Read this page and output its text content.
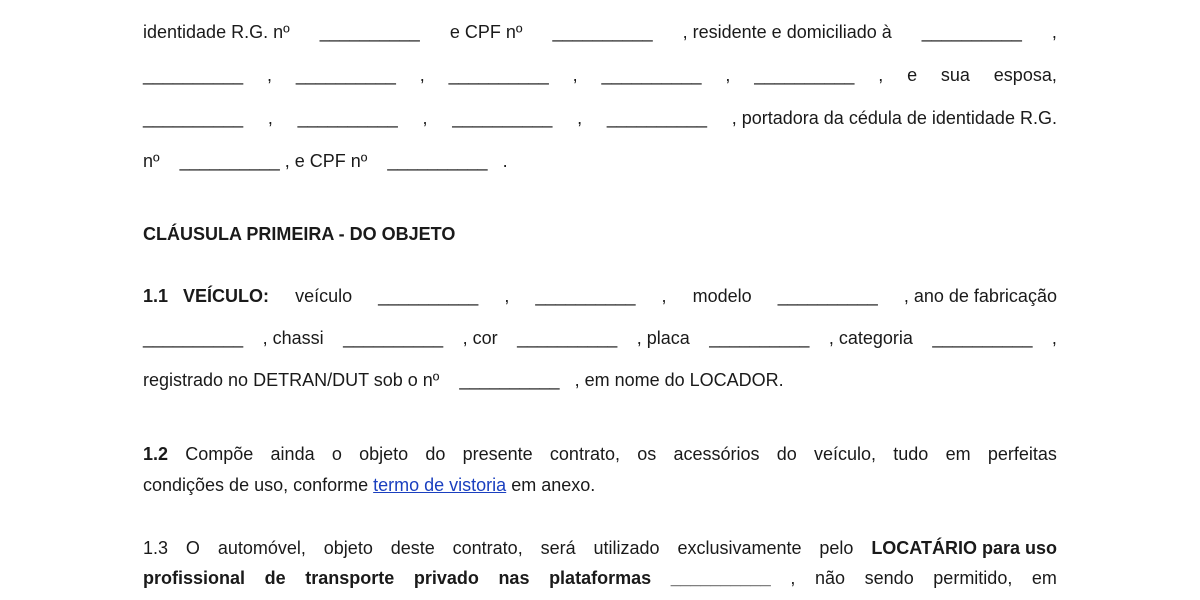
identidade R.G. nº __________ e CPF nº __________ , residente e domiciliado à __________ ,
__________ , __________ , __________ , __________ , __________ , e sua esposa,
__________ , __________ , __________ , __________ , portadora da cédula de identidade R.G.
nº __________ , e CPF nº __________ .
CLÁUSULA PRIMEIRA - DO OBJETO
1.1   VEÍCULO: veículo __________ , __________ , modelo __________ , ano de fabricação
__________ , chassi __________ , cor __________ , placa __________ , categoria __________ ,
registrado no DETRAN/DUT sob o nº __________ , em nome do LOCADOR.
1.2 Compõe ainda o objeto do presente contrato, os acessórios do veículo, tudo em perfeitas
condições de uso, conforme termo de vistoria em anexo.
1.3 O automóvel, objeto deste contrato, será utilizado exclusivamente pelo LOCATÁRIO para uso
profissional de transporte privado nas plataformas __________ , não sendo permitido, em
